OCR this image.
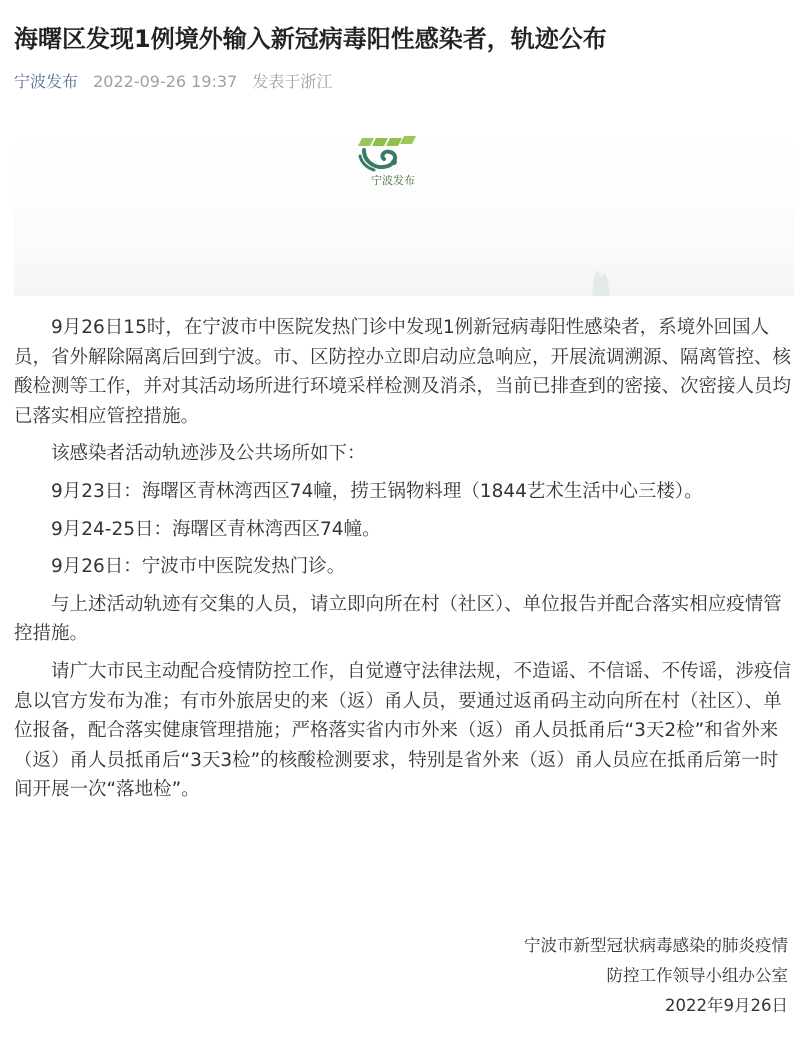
海曙区发现1例境外输入新冠病毒阳性感染者，轨迹公布
宁波发布 2022-09-26 19:37 发表于浙江
宁波发布

9月26日15时，在宁波市中医院发热门诊中发现1例新冠病毒阳性感染者，系境外回国人员，省外解除隔离后回到宁波。市、区防控办立即启动应急响应，开展流调溯源、隔离管控、核酸检测等工作，并对其活动场所进行环境采样检测及消杀，当前已排查到的密接、次密接人员均已落实相应管控措施。

该感染者活动轨迹涉及公共场所如下：

9月23日：海曙区青林湾西区74幢，捞王锅物料理（1844艺术生活中心三楼）。

9月24-25日：海曙区青林湾西区74幢。

9月26日：宁波市中医院发热门诊。

与上述活动轨迹有交集的人员，请立即向所在村（社区）、单位报告并配合落实相应疫情管控措施。

请广大市民主动配合疫情防控工作，自觉遵守法律法规，不造谣、不信谣、不传谣，涉疫信息以官方发布为准；有市外旅居史的来（返）甬人员，要通过返甬码主动向所在村（社区）、单位报备，配合落实健康管理措施；严格落实省内市外来（返）甬人员抵甬后“3天2检”和省外来（返）甬人员抵甬后“3天3检”的核酸检测要求，特别是省外来（返）甬人员应在抵甬后第一时间开展一次“落地检”。

宁波市新型冠状病毒感染的肺炎疫情
防控工作领导小组办公室
2022年9月26日
